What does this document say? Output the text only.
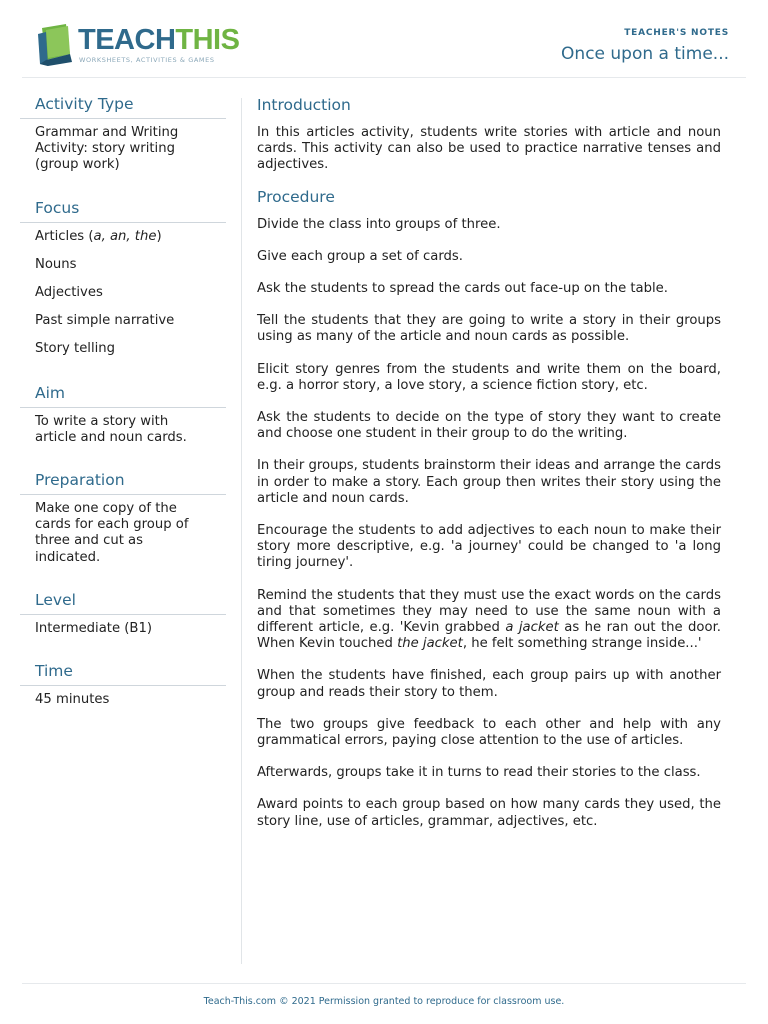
TEACHTHIS
WORKSHEETS, ACTIVITIES & GAMES
TEACHER'S NOTES
Once upon a time...
Activity Type
Grammar and Writing Activity: story writing (group work)
Focus
Articles (a, an, the)
Nouns
Adjectives
Past simple narrative
Story telling
Aim
To write a story with article and noun cards.
Preparation
Make one copy of the cards for each group of three and cut as indicated.
Level
Intermediate (B1)
Time
45 minutes
Introduction

In this articles activity, students write stories with article and noun cards. This activity can also be used to practice narrative tenses and adjectives.

Procedure

Divide the class into groups of three.

Give each group a set of cards.

Ask the students to spread the cards out face-up on the table.

Tell the students that they are going to write a story in their groups using as many of the article and noun cards as possible.

Elicit story genres from the students and write them on the board, e.g. a horror story, a love story, a science fiction story, etc.

Ask the students to decide on the type of story they want to create and choose one student in their group to do the writing.

In their groups, students brainstorm their ideas and arrange the cards in order to make a story. Each group then writes their story using the article and noun cards.

Encourage the students to add adjectives to each noun to make their story more descriptive, e.g. 'a journey' could be changed to 'a long tiring journey'.

Remind the students that they must use the exact words on the cards and that sometimes they may need to use the same noun with a different article, e.g. 'Kevin grabbed a jacket as he ran out the door. When Kevin touched the jacket, he felt something strange inside...'

When the students have finished, each group pairs up with another group and reads their story to them.

The two groups give feedback to each other and help with any grammatical errors, paying close attention to the use of articles.

Afterwards, groups take it in turns to read their stories to the class.

Award points to each group based on how many cards they used, the story line, use of articles, grammar, adjectives, etc.

Teach-This.com © 2021 Permission granted to reproduce for classroom use.
